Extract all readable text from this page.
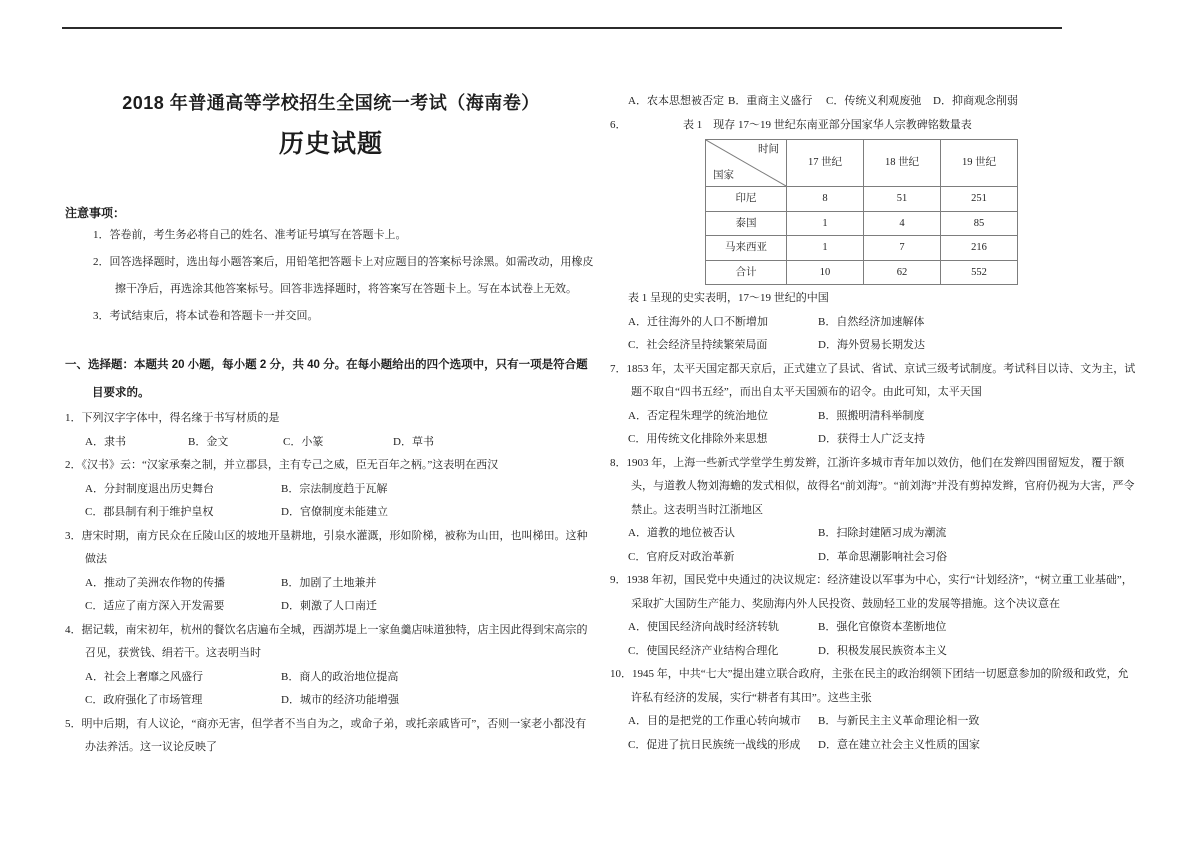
2018 年普通高等学校招生全国统一考试（海南卷）
历史试题
注意事项：
1．答卷前，考生务必将自己的姓名、准考证号填写在答题卡上。
2．回答选择题时，选出每小题答案后，用铅笔把答题卡上对应题目的答案标号涂黑。如需改动，用橡皮擦干净后，再选涂其他答案标号。回答非选择题时，将答案写在答题卡上。写在本试卷上无效。
3．考试结束后，将本试卷和答题卡一并交回。
一、选择题：本题共 20 小题，每小题 2 分，共 40 分。在每小题给出的四个选项中，只有一项是符合题目要求的。

1．下列汉字字体中，得名缘于书写材质的是

A．隶书	B．金文	C．小篆	D．草书

2．《汉书》云：“汉家承秦之制，并立郡县，主有专己之威，臣无百年之柄。”这表明在西汉

A．分封制度退出历史舞台	B．宗法制度趋于瓦解
C．郡县制有利于维护皇权	D．官僚制度未能建立

3．唐宋时期，南方民众在丘陵山区的坡地开垦耕地，引泉水灌溉，形如阶梯，被称为山田，也叫梯田。这种做法

A．推动了美洲农作物的传播	B．加剧了土地兼并
C．适应了南方深入开发需要	D．刺激了人口南迁

4．据记载，南宋初年，杭州的餐饮名店遍布全城，西湖苏堤上一家鱼羹店味道独特，店主因此得到宋高宗的召见，获赏钱、绢若干。这表明当时

A．社会上奢靡之风盛行	B．商人的政治地位提高
C．政府强化了市场管理	D．城市的经济功能增强

5．明中后期，有人议论，“商亦无害，但学者不当自为之，或命子弟，或托亲戚皆可”，否则一家老小都没有办法养活。这一议论反映了

A．农本思想被否定 B．重商主义盛行	C．传统义利观废弛	D．抑商观念削弱
6．	表 1　现存 17～19 世纪东南亚部分国家华人宗教碑铭数量表
时间
国家	17 世纪	18 世纪	19 世纪
印尼	8	51	251
泰国	1	4	85
马来西亚	1	7	216
合计	10	62	552
表 1 呈现的史实表明，17～19 世纪的中国
A．迁往海外的人口不断增加	B．自然经济加速解体
C．社会经济呈持续繁荣局面	D．海外贸易长期发达

7．1853 年，太平天国定都天京后，正式建立了县试、省试、京试三级考试制度。考试科目以诗、文为主，试题不取自“四书五经”，而出自太平天国颁布的诏令。由此可知，太平天国

A．否定程朱理学的统治地位	B．照搬明清科举制度
C．用传统文化排除外来思想	D．获得士人广泛支持

8．1903 年，上海一些新式学堂学生剪发辫，江浙许多城市青年加以效仿，他们在发辫四围留短发，覆于额头，与道教人物刘海蟾的发式相似，故得名“前刘海”。“前刘海”并没有剪掉发辫，官府仍视为大害，严令禁止。这表明当时江浙地区

A．道教的地位被否认	B．扫除封建陋习成为潮流
C．官府反对政治革新	D．革命思潮影响社会习俗

9．1938 年初，国民党中央通过的决议规定：经济建设以军事为中心，实行“计划经济”，“树立重工业基础”，采取扩大国防生产能力、奖励海内外人民投资、鼓励轻工业的发展等措施。这个决议意在

A．使国民经济向战时经济转轨	B．强化官僚资本垄断地位
C．使国民经济产业结构合理化	D．积极发展民族资本主义

10．1945 年，中共“七大”提出建立联合政府，主张在民主的政治纲领下团结一切愿意参加的阶级和政党，允许私有经济的发展，实行“耕者有其田”。这些主张

A．目的是把党的工作重心转向城市	B．与新民主主义革命理论相一致
C．促进了抗日民族统一战线的形成	D．意在建立社会主义性质的国家
